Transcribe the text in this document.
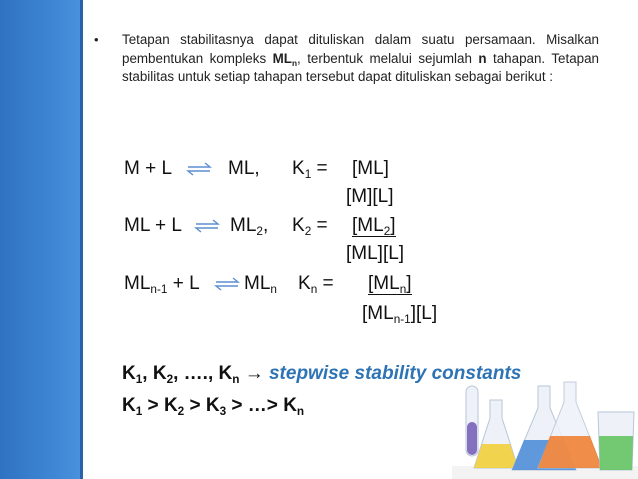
• Tetapan stabilitasnya dapat dituliskan dalam suatu persamaan. Misalkan pembentukan kompleks $ML_n$, terbentuk melalui sejumlah n tahapan. Tetapan stabilitas untuk setiap tahapan tersebut dapat dituliskan sebagai berikut :
M + L ⇌ ML, $K_1 = [ML]$
[M][L]
ML + L ⇌ $ML_2$, $K_2 = [ML_2]$
[ML][L]
$ML_{n-1} + L$ ⇌ $ML_n$ $K_n = [ML_n]$
$[ML_{n-1}][L]$
$K_1$, $K_2$, …., $K_n$ → stepwise stability constants
$K_1 > K_2 > K_3$ > …> $K_n$
